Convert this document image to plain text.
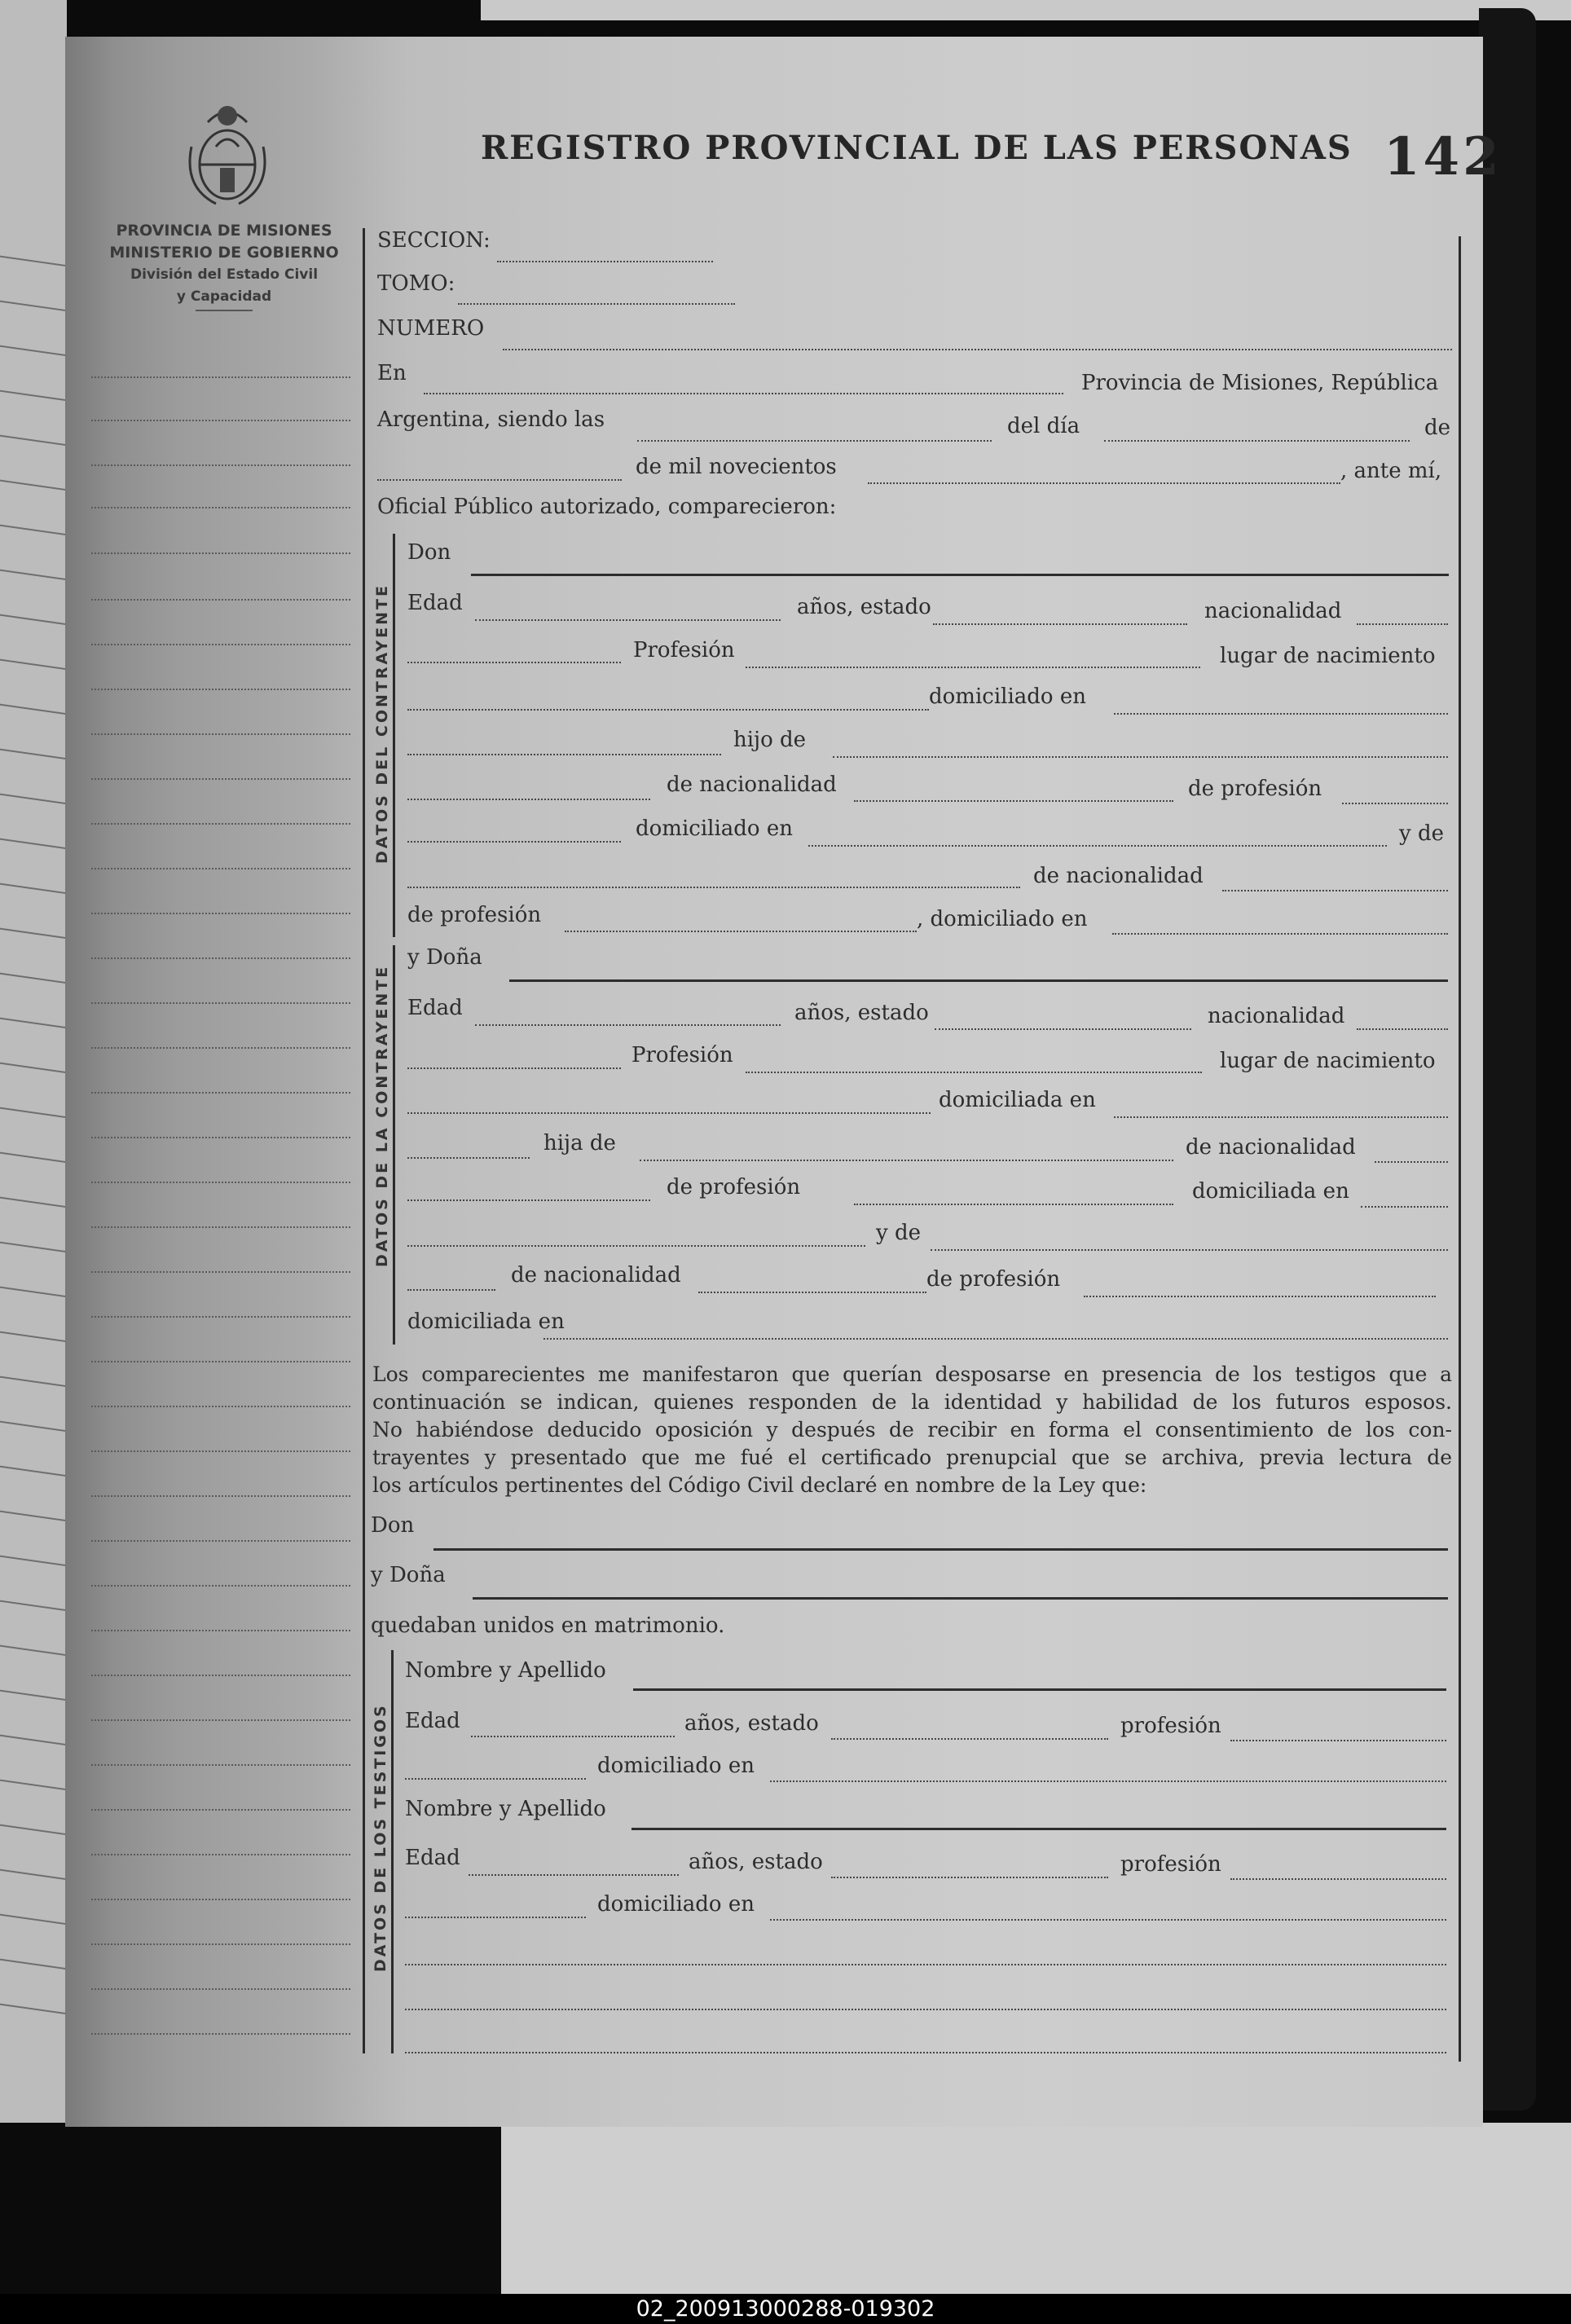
PROVINCIA DE MISIONES
MINISTERIO DE GOBIERNO
División del Estado Civil
y Capacidad
REGISTRO PROVINCIAL DE LAS PERSONAS 142
SECCION:
TOMO:
NUMERO
En	Provincia de Misiones, República
Argentina, siendo las	del día	de
de mil novecientos	, ante mí,
Oficial Público autorizado, comparecieron:
DATOS DEL CONTRAYENTE
Don
Edad	años, estado	nacionalidad
Profesión	lugar de nacimiento
domiciliado en
hijo de
de nacionalidad	de profesión
domiciliado en	y de
de nacionalidad
de profesión	, domiciliado en
DATOS DE LA CONTRAYENTE
y Doña
Edad	años, estado	nacionalidad
Profesión	lugar de nacimiento
domiciliada en
hija de	de nacionalidad
de profesión	domiciliada en
y de
de nacionalidad	de profesión
domiciliada en
Los comparecientes me manifestaron que querían desposarse en presencia de los testigos que a
continuación se indican, quienes responden de la identidad y habilidad de los futuros esposos.
No habiéndose deducido oposición y después de recibir en forma el consentimiento de los con-
trayentes y presentado que me fué el certificado prenupcial que se archiva, previa lectura de
los artículos pertinentes del Código Civil declaré en nombre de la Ley que:
Don
y Doña
quedaban unidos en matrimonio.
DATOS DE LOS TESTIGOS
Nombre y Apellido
Edad	años, estado	profesión
domiciliado en
Nombre y Apellido
Edad	años, estado	profesión
domiciliado en
02_200913000288-019302
